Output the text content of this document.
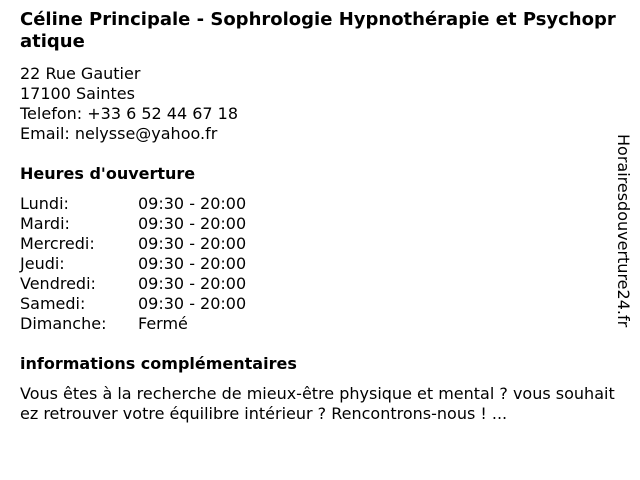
Céline Principale - Sophrologie Hypnothérapie et Psychopratique
22 Rue Gautier
17100 Saintes
Telefon: +33 6 52 44 67 18
Email: nelysse@yahoo.fr
Heures d'ouverture
Lundi:	09:30 - 20:00
Mardi:	09:30 - 20:00
Mercredi:	09:30 - 20:00
Jeudi:	09:30 - 20:00
Vendredi:	09:30 - 20:00
Samedi:	09:30 - 20:00
Dimanche: Fermé
informations complémentaires
Vous êtes à la recherche de mieux-être physique et mental ? vous souhaitez retrouver votre équilibre intérieur ? Rencontrons-nous ! ...
Horairesdouverture24.fr
